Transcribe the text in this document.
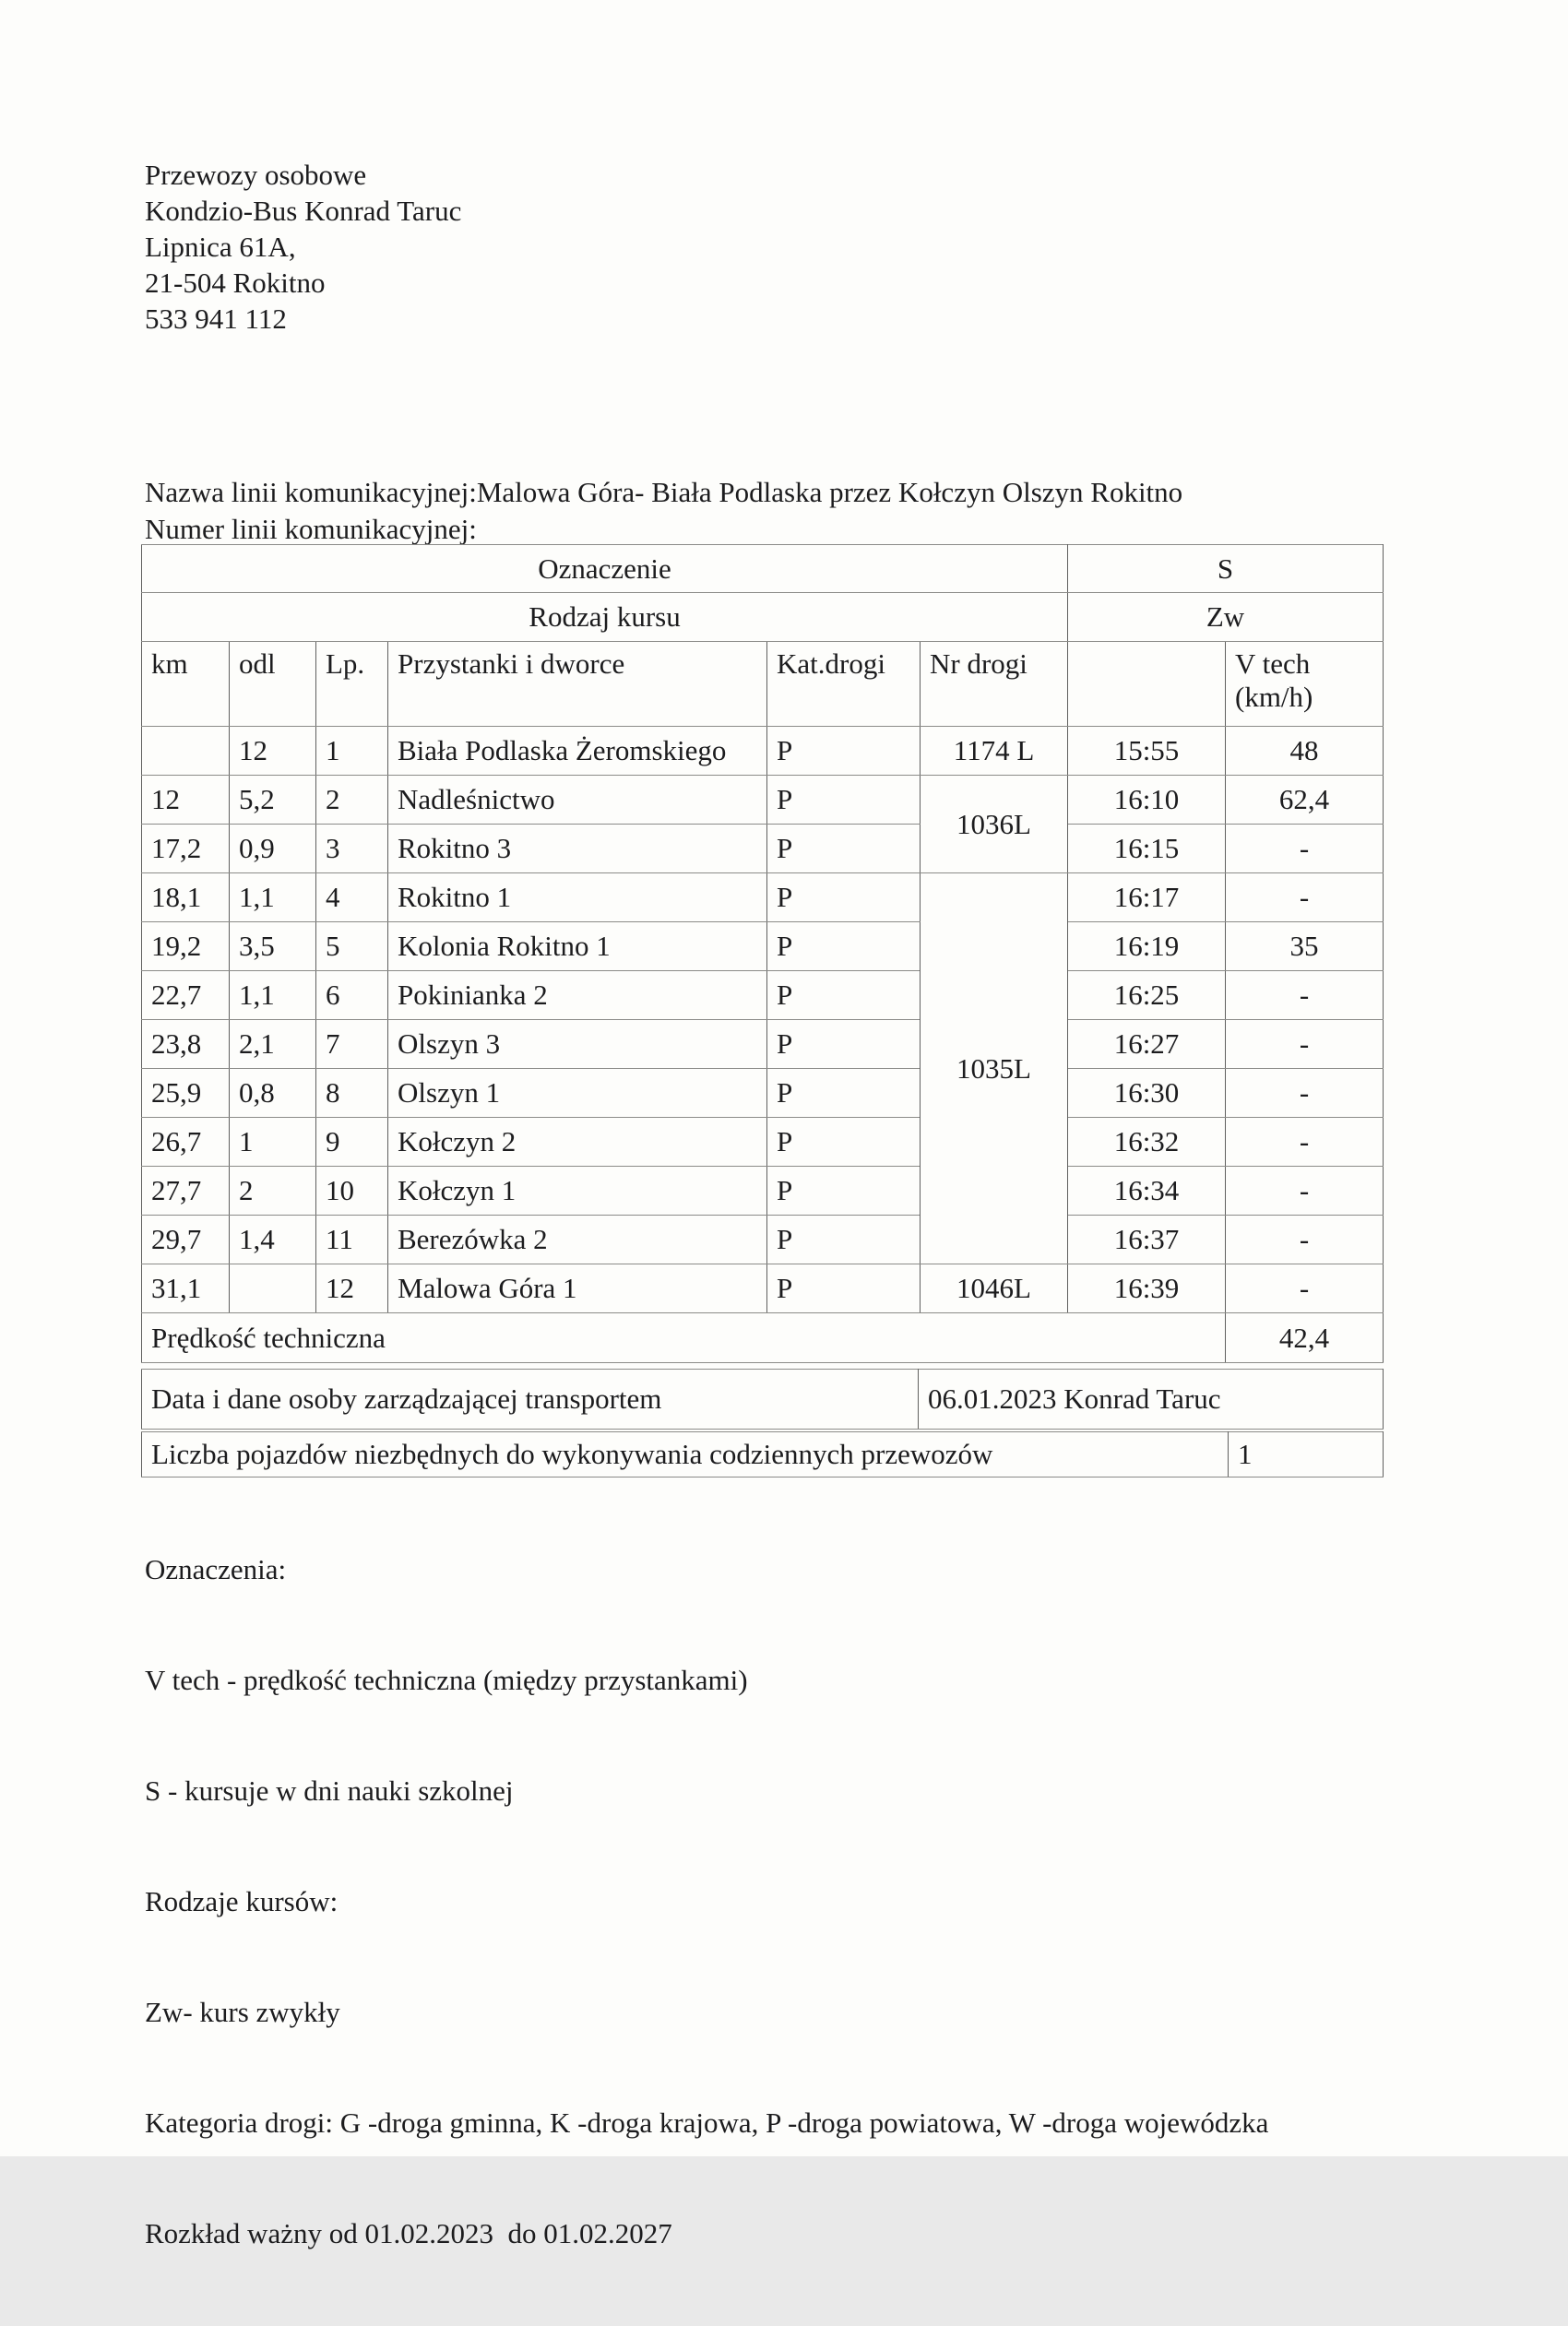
Przewozy osobowe
Kondzio-Bus Konrad Taruc
Lipnica 61A,
21-504 Rokitno
533 941 112
Nazwa linii komunikacyjnej:Malowa Góra- Biała Podlaska przez Kołczyn Olszyn Rokitno
Numer linii komunikacyjnej:
Oznaczenie						S	
Rodzaj kursu						Zw	
km	odl	Lp.	Przystanki i dworce	Kat.drogi	Nr drogi		V tech
(km/h)

	12	1	Biała Podlaska Żeromskiego	P	1174 L	15:55	48
12	5,2	2	Nadleśnictwo	P	1036L	16:10	62,4
17,2	0,9	3	Rokitno 3	P		16:15	-
18,1	1,1	4	Rokitno 1	P	1035L	16:17	-
19,2	3,5	5	Kolonia Rokitno 1	P		16:19	35
22,7	1,1	6	Pokinianka 2	P		16:25	-
23,8	2,1	7	Olszyn 3	P		16:27	-
25,9	0,8	8	Olszyn 1	P		16:30	-
26,7	1	9	Kołczyn 2	P		16:32	-
27,7	2	10	Kołczyn 1	P		16:34	-
29,7	1,4	11	Berezówka 2	P		16:37	-
31,1		12	Malowa Góra 1	P	1046L	16:39	-
Prędkość techniczna							42,4
Data i dane osoby zarządzającej transportem	06.01.2023 Konrad Taruc
Liczba pojazdów niezbędnych do wykonywania codziennych przewozów	1

Oznaczenia:

V tech - prędkość techniczna (między przystankami)

S - kursuje w dni nauki szkolnej

Rodzaje kursów:

Zw- kurs zwykły

Kategoria drogi: G -droga gminna, K -droga krajowa, P -droga powiatowa, W -droga wojewódzka

Rozkład ważny od 01.02.2023  do 01.02.2027
